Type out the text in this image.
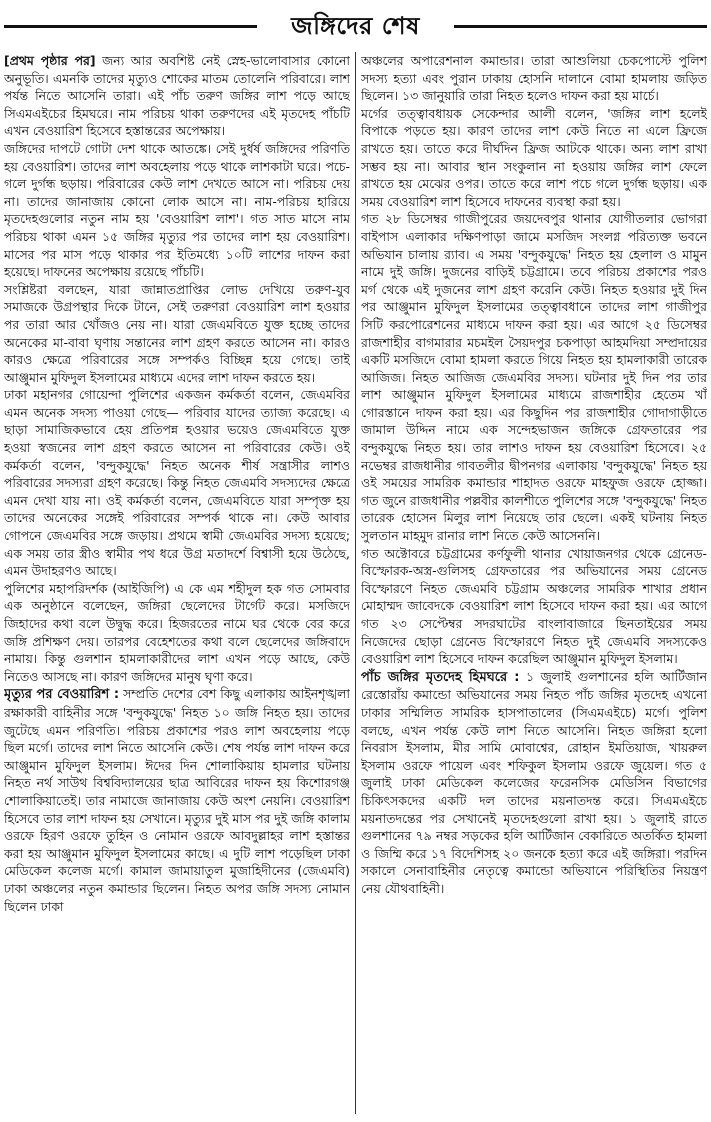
জঙ্গিদের শেষ

[প্রথম পৃষ্ঠার পর] জন্য আর অবশিষ্ট নেই স্নেহ-ভালোবাসার কোনো অনুভূতি। এমনকি তাদের মৃত্যুও শোকের মাতম তোলেনি পরিবারে। লাশ পর্যন্ত নিতে আসেনি তারা। এই পাঁচ তরুণ জঙ্গির লাশ পড়ে আছে সিএমএইচের হিমঘরে। নাম পরিচয় থাকা তরুণদের এই মৃতদেহ পাঁচটি এখন বেওয়ারিশ হিসেবে হস্তান্তরের অপেক্ষায়।

জঙ্গিদের দাপটে গোটা দেশ থাকে আতঙ্কে। সেই দুর্ধর্ষ জঙ্গিদের পরিণতি হয় বেওয়ারিশ। তাদের লাশ অবহেলায় পড়ে থাকে লাশকাটা ঘরে। পচে-গলে দুর্গন্ধ ছড়ায়। পরিবারের কেউ লাশ দেখতে আসে না। পরিচয় দেয় না। তাদের জানাজায় কোনো লোক আসে না। নাম-পরিচয় হারিয়ে মৃতদেহগুলোর নতুন নাম হয় 'বেওয়ারিশ লাশ'। গত সাত মাসে নাম পরিচয় থাকা এমন ১৫ জঙ্গির মৃত্যুর পর তাদের লাশ হয় বেওয়ারিশ। মাসের পর মাস পড়ে থাকার পর ইতিমধ্যে ১০টি লাশের দাফন করা হয়েছে। দাফনের অপেক্ষায় রয়েছে পাঁচটি।

সংশ্লিষ্টরা বলছেন, যারা জান্নাতপ্রাপ্তির লোভ দেখিয়ে তরুণ-যুব সমাজকে উগ্রপন্থার দিকে টানে, সেই তরুণরা বেওয়ারিশ লাশ হওয়ার পর তারা আর খোঁজও নেয় না। যারা জেএমবিতে যুক্ত হচ্ছে তাদের অনেকের মা-বাবা ঘৃণায় সন্তানের লাশ গ্রহণ করতে আসেন না। কারও কারও ক্ষেত্রে পরিবারের সঙ্গে সম্পর্কও বিচ্ছিন্ন হয়ে গেছে। তাই আঞ্জুমান মুফিদুল ইসলামের মাধ্যমে এদের লাশ দাফন করতে হয়।

ঢাকা মহানগর গোয়েন্দা পুলিশের একজন কর্মকর্তা বলেন, জেএমবির এমন অনেক সদস্য পাওয়া গেছে— পরিবার যাদের ত্যাজ্য করেছে। এ ছাড়া সামাজিকভাবে হেয় প্রতিপন্ন হওয়ার ভয়েও জেএমবিতে যুক্ত হওয়া স্বজনের লাশ গ্রহণ করতে আসেন না পরিবারের কেউ। ওই কর্মকর্তা বলেন, 'বন্দুকযুদ্ধে' নিহত অনেক শীর্ষ সন্ত্রাসীর লাশও পরিবারের সদস্যরা গ্রহণ করেছে। কিন্তু নিহত জেএমবি সদস্যদের ক্ষেত্রে এমন দেখা যায় না। ওই কর্মকর্তা বলেন, জেএমবিতে যারা সম্পৃক্ত হয় তাদের অনেকের সঙ্গেই পরিবারের সম্পর্ক থাকে না। কেউ আবার গোপনে জেএমবির সঙ্গে জড়ায়। প্রথমে স্বামী জেএমবির সদস্য হয়েছে; এক সময় তার স্ত্রীও স্বামীর পথ ধরে উগ্র মতাদর্শে বিশ্বাসী হয়ে উঠেছে, এমন উদাহরণও আছে।

পুলিশের মহাপরিদর্শক (আইজিপি) এ কে এম শহীদুল হক গত সোমবার এক অনুষ্ঠানে বলেছেন, জঙ্গিরা ছেলেদের টার্গেট করে। মসজিদে জিহাদের কথা বলে উদ্বুদ্ধ করে। হিজরতের নামে ঘর থেকে বের করে জঙ্গি প্রশিক্ষণ দেয়। তারপর বেহেশতের কথা বলে ছেলেদের জঙ্গিবাদে নামায়। কিন্তু গুলশান হামলাকারীদের লাশ এখন পড়ে আছে, কেউ নিতেও আসছে না। কারণ জঙ্গিদের মানুষ ঘৃণা করে।

মৃত্যুর পর বেওয়ারিশ : সম্প্রতি দেশের বেশ কিছু এলাকায় আইনশৃঙ্খলা রক্ষাকারী বাহিনীর সঙ্গে 'বন্দুকযুদ্ধে' নিহত ১০ জঙ্গি নিহত হয়। তাদের জুটেছে এমন পরিণতি। পরিচয় প্রকাশের পরও লাশ অবহেলায় পড়ে ছিল মর্গে। তাদের লাশ নিতে আসেনি কেউ। শেষ পর্যন্ত লাশ দাফন করে আঞ্জুমান মুফিদুল ইসলাম। ঈদের দিন শোলাকিয়ায় হামলার ঘটনায় নিহত নর্থ সাউথ বিশ্ববিদ্যালয়ের ছাত্র আবিরের দাফন হয় কিশোরগঞ্জ শোলাকিয়াতেই। তার নামাজে জানাজায় কেউ অংশ নেয়নি। বেওয়ারিশ হিসেবে তার লাশ দাফন হয় সেখানে। মৃত্যুর দুই মাস পর দুই জঙ্গি কালাম ওরফে হিরণ ওরফে তুহিন ও নোমান ওরফে আবদুল্লাহর লাশ হস্তান্তর করা হয় আঞ্জুমান মুফিদুল ইসলামের কাছে। এ দুটি লাশ পড়েছিল ঢাকা মেডিকেল কলেজ মর্গে। কামাল জামায়াতুল মুজাহিদীনের (জেএমবি) ঢাকা অঞ্চলের নতুন কমান্ডার ছিলেন। নিহত অপর জঙ্গি সদস্য নোমান ছিলেন ঢাকা

অঞ্চলের অপারেশনাল কমান্ডার। তারা আশুলিয়া চেকপোস্টে পুলিশ সদস্য হত্যা এবং পুরান ঢাকায় হোসনি দালানে বোমা হামলায় জড়িত ছিলেন। ১৩ জানুয়ারি তারা নিহত হলেও দাফন করা হয় মার্চে।

মর্গের তত্ত্বাবধায়ক সেকেন্দার আলী বলেন, 'জঙ্গির লাশ হলেই বিপাকে পড়তে হয়। কারণ তাদের লাশ কেউ নিতে না এলে ফ্রিজে রাখতে হয়। তাতে করে দীর্ঘদিন ফ্রিজ আটকে থাকে। অন্য লাশ রাখা সম্ভব হয় না। আবার স্থান সংকুলান না হওয়ায় জঙ্গির লাশ ফেলে রাখতে হয় মেঝের ওপর। তাতে করে লাশ পচে গলে দুর্গন্ধ ছড়ায়। এক সময় বেওয়ারিশ লাশ হিসেবে দাফনের ব্যবস্থা করা হয়।

গত ২৮ ডিসেম্বর গাজীপুরের জয়দেবপুর থানার যোগীতলার ভোগরা বাইপাস এলাকার দক্ষিণপাড়া জামে মসজিদ সংলগ্ন পরিত্যক্ত ভবনে অভিযান চালায় র‍্যাব। এ সময় 'বন্দুকযুদ্ধে' নিহত হয় হেলাল ও মামুন নামে দুই জঙ্গি। দুজনের বাড়িই চট্টগ্রামে। তবে পরিচয় প্রকাশের পরও মর্গ থেকে এই দুজনের লাশ গ্রহণ করেনি কেউ। নিহত হওয়ার দুই দিন পর আঞ্জুমান মুফিদুল ইসলামের তত্ত্বাবধানে তাদের লাশ গাজীপুর সিটি করপোরেশনের মাধ্যমে দাফন করা হয়। এর আগে ২৫ ডিসেম্বর রাজশাহীর বাগমারার মচমইল সৈয়দপুর চকপাড়া আহমদিয়া সম্প্রদায়ের একটি মসজিদে বোমা হামলা করতে গিয়ে নিহত হয় হামলাকারী তারেক আজিজ। নিহত আজিজ জেএমবির সদস্য। ঘটনার দুই দিন পর তার লাশ আঞ্জুমান মুফিদুল ইসলামের মাধ্যমে রাজশাহীর হেতেম খাঁ গোরস্তানে দাফন করা হয়। এর কিছুদিন পর রাজশাহীর গোদাগাড়ীতে জামাল উদ্দিন নামে এক সন্দেহভাজন জঙ্গিকে গ্রেফতারের পর বন্দুকযুদ্ধে নিহত হয়। তার লাশও দাফন হয় বেওয়ারিশ হিসেবে। ২৫ নভেম্বর রাজধানীর গাবতলীর দ্বীপনগর এলাকায় 'বন্দুকযুদ্ধে' নিহত হয় ওই সময়ের সামরিক কমান্ডার শাহাদত ওরফে মাহফুজ ওরফে হোজ্জা। গত জুনে রাজধানীর পল্লবীর কালশীতে পুলিশের সঙ্গে 'বন্দুকযুদ্ধে' নিহত তারেক হোসেন মিলুর লাশ নিয়েছে তার ছেলে। একই ঘটনায় নিহত সুলতান মাহমুদ রানার লাশ নিতে কেউ আসেননি।

গত অক্টোবরে চট্টগ্রামের কর্ণফুলী থানার খোয়াজনগর থেকে গ্রেনেড-বিস্ফোরক-অস্ত্র-গুলিসহ গ্রেফতারের পর অভিযানের সময় গ্রেনেড বিস্ফোরণে নিহত জেএমবি চট্টগ্রাম অঞ্চলের সামরিক শাখার প্রধান মোহাম্মদ জাবেদকে বেওয়ারিশ লাশ হিসেবে দাফন করা হয়। এর আগে গত ২৩ সেপ্টেম্বর সদরঘাটের বাংলাবাজারে ছিনতাইয়ের সময় নিজেদের ছোড়া গ্রেনেড বিস্ফোরণে নিহত দুই জেএমবি সদস্যকেও বেওয়ারিশ লাশ হিসেবে দাফন করেছিল আঞ্জুমান মুফিদুল ইসলাম।

পাঁচ জঙ্গির মৃতদেহ হিমঘরে : ১ জুলাই গুলশানের হলি আর্টিজান রেস্তোরাঁয় কমান্ডো অভিযানের সময় নিহত পাঁচ জঙ্গির মৃতদেহ এখনো ঢাকার সম্মিলিত সামরিক হাসপাতালের (সিএমএইচে) মর্গে। পুলিশ বলছে, এখন পর্যন্ত কেউ লাশ নিতে আসেনি। নিহত জঙ্গিরা হলো নিবরাস ইসলাম, মীর সামি মোবাশ্বের, রোহান ইমতিয়াজ, খায়রুল ইসলাম ওরফে পায়েল এবং শফিকুল ইসলাম ওরফে জুয়েল। গত ৫ জুলাই ঢাকা মেডিকেল কলেজের ফরেনসিক মেডিসিন বিভাগের চিকিৎসকদের একটি দল তাদের ময়নাতদন্ত করে। সিএমএইচে ময়নাতদন্তের পর সেখানেই মৃতদেহগুলো রাখা হয়। ১ জুলাই রাতে গুলশানের ৭৯ নম্বর সড়কের হলি আর্টিজান বেকারিতে অতর্কিত হামলা ও জিম্মি করে ১৭ বিদেশিসহ ২০ জনকে হত্যা করে এই জঙ্গিরা। পরদিন সকালে সেনাবাহিনীর নেতৃত্বে কমান্ডো অভিযানে পরিস্থিতির নিয়ন্ত্রণ নেয় যৌথবাহিনী।
